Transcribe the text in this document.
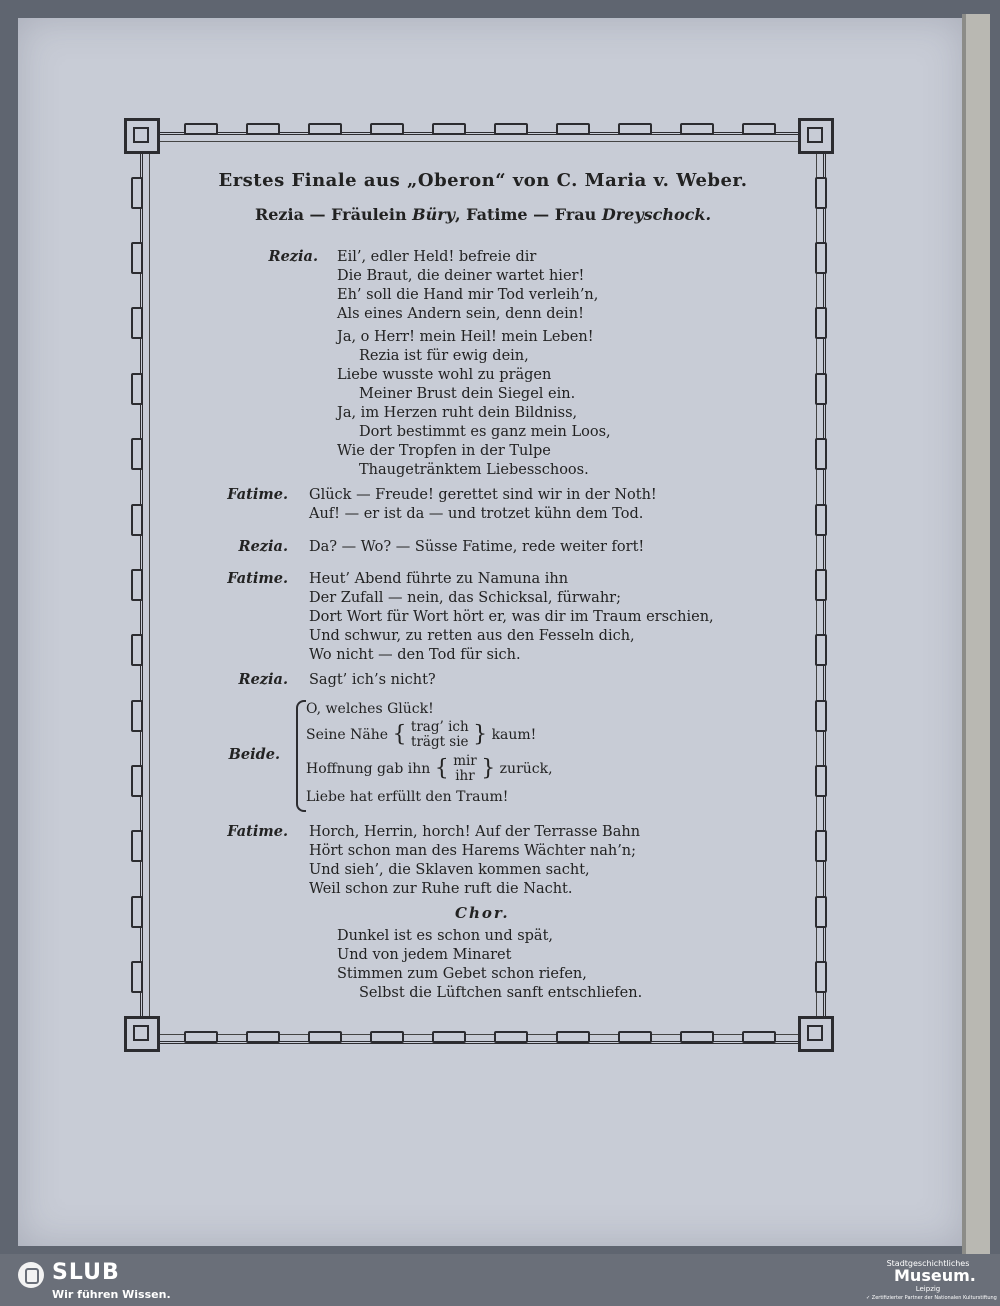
Erstes Finale aus „Oberon“ von C. Maria v. Weber.
Rezia — Fräulein Büry, Fatime — Frau Dreyschock.
Rezia. Eil’, edler Held! befreie dir
Die Braut, die deiner wartet hier!
Eh’ soll die Hand mir Tod verleih’n,
Als eines Andern sein, denn dein!
Ja, o Herr! mein Heil! mein Leben!
Rezia ist für ewig dein,
Liebe wusste wohl zu prägen
Meiner Brust dein Siegel ein.
Ja, im Herzen ruht dein Bildniss,
Dort bestimmt es ganz mein Loos,
Wie der Tropfen in der Tulpe
Thaugetränktem Liebesschoos.
Fatime. Glück — Freude! gerettet sind wir in der Noth!
Auf! — er ist da — und trotzet kühn dem Tod.
Rezia. Da? — Wo? — Süsse Fatime, rede weiter fort!
Fatime. Heut’ Abend führte zu Namuna ihn
Der Zufall — nein, das Schicksal, fürwahr;
Dort Wort für Wort hört er, was dir im Traum erschien,
Und schwur, zu retten aus den Fesseln dich,
Wo nicht — den Tod für sich.
Rezia. Sagt’ ich’s nicht?
Beide.
O, welches Glück!
Seine Nähe { trag’ ich
trägt sie } kaum!
Hoffnung gab ihn { mir
ihr } zurück,
Liebe hat erfüllt den Traum!
Fatime. Horch, Herrin, horch! Auf der Terrasse Bahn
Hört schon man des Harems Wächter nah’n;
Und sieh’, die Sklaven kommen sacht,
Weil schon zur Ruhe ruft die Nacht.
Chor.
Dunkel ist es schon und spät,
Und von jedem Minaret
Stimmen zum Gebet schon riefen,
Selbst die Lüftchen sanft entschliefen.
SLUB
Wir führen Wissen.
Stadtgeschichtliches
Museum.
Leipzig
✓ Zertifizierter Partner der Nationalen Kulturstiftung
